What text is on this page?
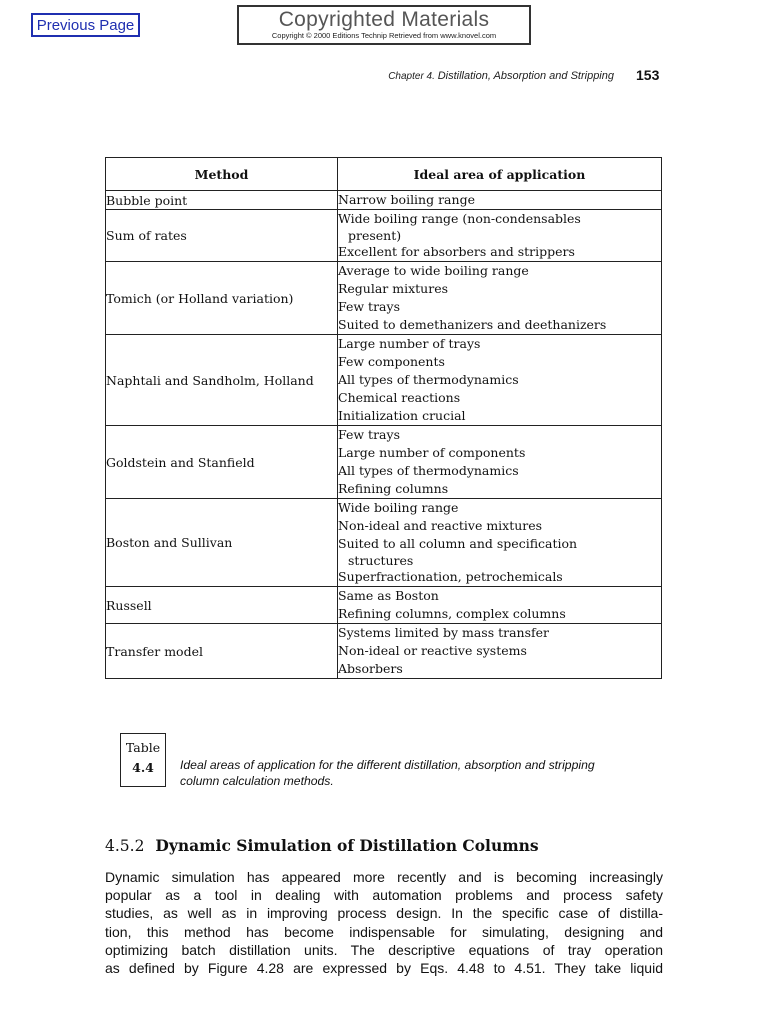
Previous Page	Copyrighted Materials
Copyright © 2000 Editions Technip Retrieved from www.knovel.com
Chapter 4. Distillation, Absorption and Stripping 153
Method	Ideal area of application
Bubble point	Narrow boiling range

Sum of rates	Wide boiling range (non-condensables
present)
Excellent for absorbers and strippers

Tomich (or Holland variation)	Average to wide boiling range
Regular mixtures
Few trays
Suited to demethanizers and deethanizers

Naphtali and Sandholm, Holland	Large number of trays
Few components
All types of thermodynamics
Chemical reactions
Initialization crucial

Goldstein and Stanfield	Few trays
Large number of components
All types of thermodynamics
Refining columns

Boston and Sullivan	Wide boiling range
Non-ideal and reactive mixtures
Suited to all column and specification
structures
Superfractionation, petrochemicals

Russell	Same as Boston
Refining columns, complex columns

Transfer model	Systems limited by mass transfer
Non-ideal or reactive systems
Absorbers
Table
4.4	Ideal areas of application for the different distillation, absorption and stripping
column calculation methods.
4.5.2 Dynamic Simulation of Distillation Columns
Dynamic simulation has appeared more recently and is becoming increasingly
popular as a tool in dealing with automation problems and process safety
studies, as well as in improving process design. In the specific case of distilla-
tion, this method has become indispensable for simulating, designing and
optimizing batch distillation units. The descriptive equations of tray operation
as defined by Figure 4.28 are expressed by Eqs. 4.48 to 4.51. They take liquid
